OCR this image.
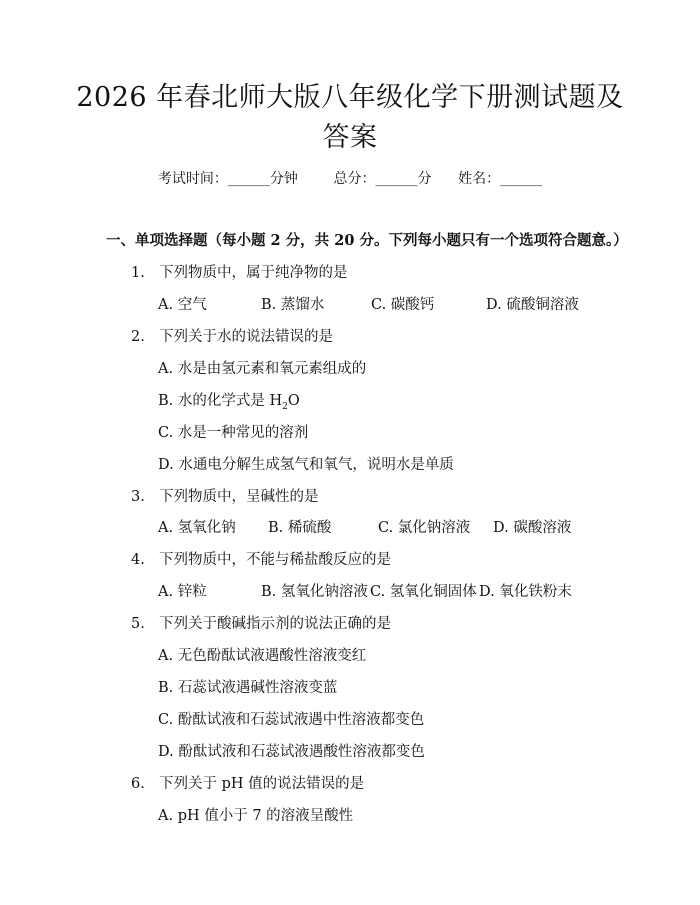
2026 年春北师大版八年级化学下册测试题及
答案
考试时间：______分钟	总分：______分 姓名：______
一、单项选择题（每小题 2 分，共 20 分。下列每小题只有一个选项符合题意。）
1. 下列物质中，属于纯净物的是
A. 空气	B. 蒸馏水	C. 碳酸钙	D. 硫酸铜溶液
2. 下列关于水的说法错误的是
A. 水是由氢元素和氧元素组成的
B. 水的化学式是 $H_2O$
C. 水是一种常见的溶剂
D. 水通电分解生成氢气和氧气，说明水是单质
3. 下列物质中，呈碱性的是
A. 氢氧化钠 B. 稀硫酸	C. 氯化钠溶液 D. 碳酸溶液
4. 下列物质中，不能与稀盐酸反应的是
A. 锌粒	B. 氢氧化钠溶液 C. 氢氧化铜固体 D. 氧化铁粉末
5. 下列关于酸碱指示剂的说法正确的是
A. 无色酚酞试液遇酸性溶液变红
B. 石蕊试液遇碱性溶液变蓝
C. 酚酞试液和石蕊试液遇中性溶液都变色
D. 酚酞试液和石蕊试液遇酸性溶液都变色
6. 下列关于 pH 值的说法错误的是
A. pH 值小于 7 的溶液呈酸性
